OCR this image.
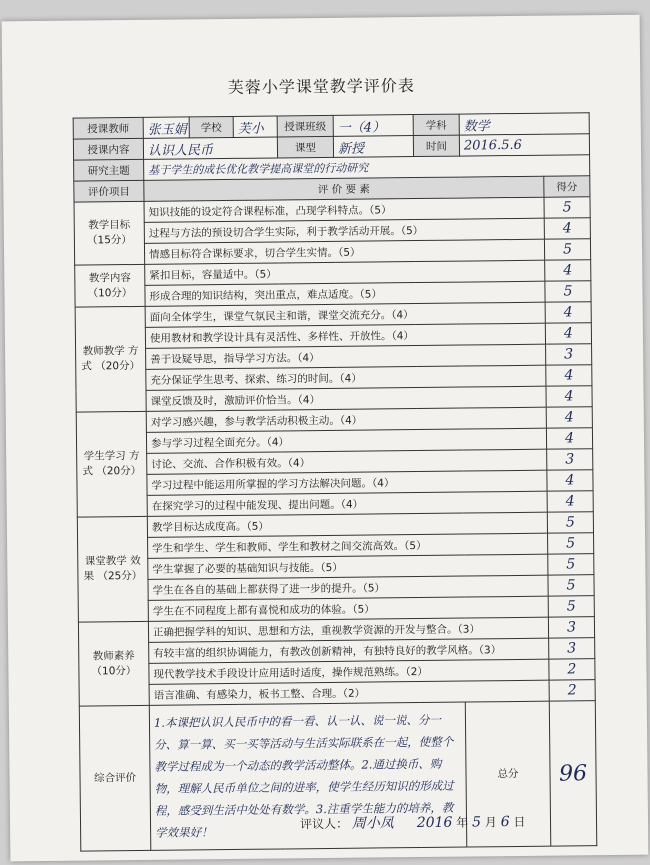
芙蓉小学课堂教学评价表
授课教师	张玉娟	学校	芙小	授课班级	一（4）	学科	数学	
授课内容	认识人民币			课型	新授	时间	2016.5.6	
研究主题	基于学生的成长优化教学提高课堂的行动研究							
评价项目	评 价 要 素							得分
教学目标 （15分）	知识技能的设定符合课程标准，凸现学科特点。（5）							5
	过程与方法的预设切合学生实际，利于教学活动开展。（5）							4
	情感目标符合课标要求，切合学生实情。（5）							5
教学内容 （10分）	紧扣目标，容量适中。（5）							4
	形成合理的知识结构，突出重点，难点适度。（5）							5
教师教学 方式 （20分）	面向全体学生，课堂气氛民主和谐，课堂交流充分。（4）							4
	使用教材和教学设计具有灵活性、多样性、开放性。（4）							4
	善于设疑导思，指导学习方法。（4）							3
	充分保证学生思考、探索、练习的时间。（4）							4
	课堂反馈及时，激励评价恰当。（4）							4
学生学习 方式 （20分）	对学习感兴趣，参与教学活动积极主动。（4）							4
	参与学习过程全面充分。（4）							4
	讨论、交流、合作积极有效。（4）							3
	学习过程中能运用所掌握的学习方法解决问题。（4）							4
	在探究学习的过程中能发现、提出问题。（4）							4
课堂教学 效果 （25分）	教学目标达成度高。（5）							5
	学生和学生、学生和教师、学生和教材之间交流高效。（5）							5
	学生掌握了必要的基础知识与技能。（5）							5
	学生在各自的基础上都获得了进一步的提升。（5）							5
	学生在不同程度上都有喜悦和成功的体验。（5）							5
教师素养 （10分）	正确把握学科的知识、思想和方法，重视教学资源的开发与整合。（3）							3
	有较丰富的组织协调能力，有教改创新精神，有独特良好的教学风格。（3）							3
	现代教学技术手段设计应用适时适度，操作规范熟练。（2）							2
	语言准确、有感染力，板书工整、合理。（2）							2
综合评价	1.本课把认识人民币中的看一看、认一认、说一说、分一分、算一算、买一买等活动与生活实际联系在一起，使整个教学过程成为一个动态的教学活动整体。2.通过换币、购物，理解人民币单位之间的进率，使学生经历知识的形成过程，感受到生活中处处有数学。3.注重学生能力的培养，教学效果好！						总分	96
评议人： 周小凤 2016 年 5 月 6 日
